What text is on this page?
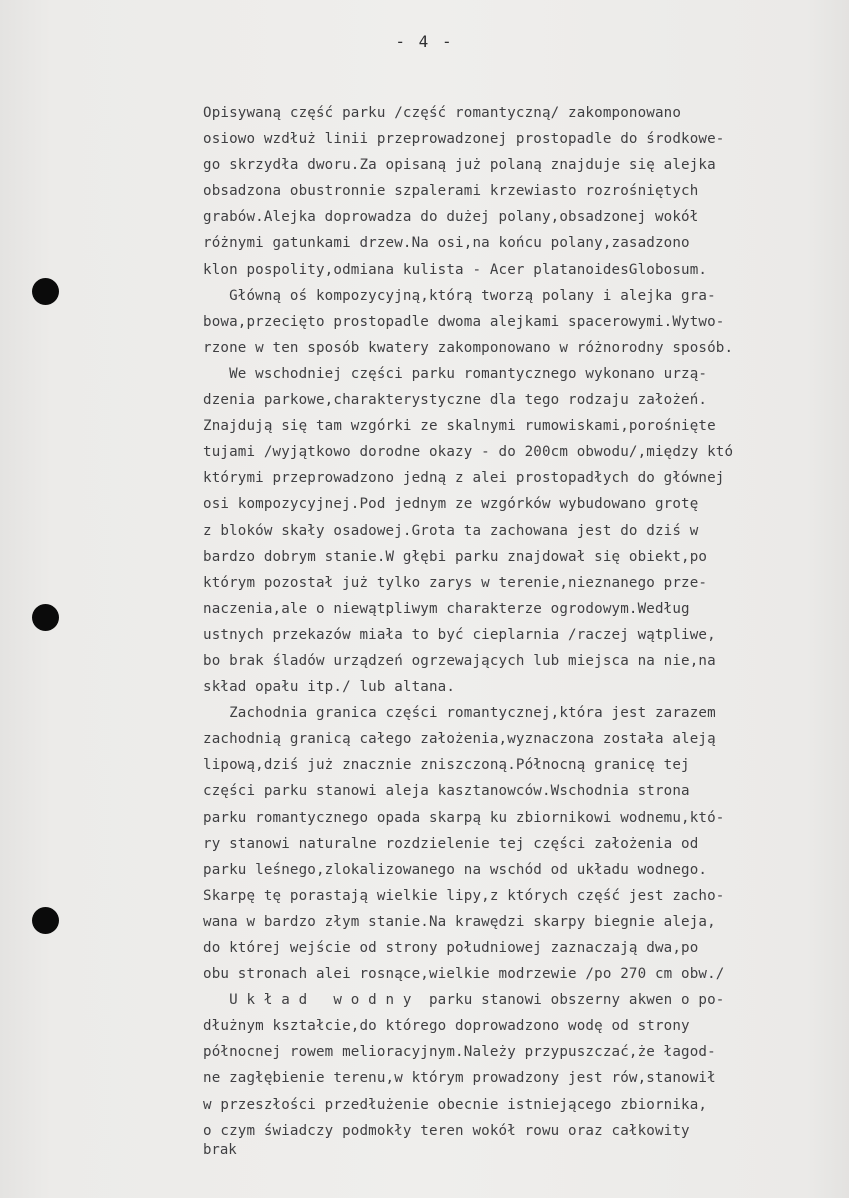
- 4 -
Opisywaną część parku /część romantyczną/ zakomponowano
osiowo wzdłuż linii przeprowadzonej prostopadle do środkowe-
go skrzydła dworu.Za opisaną już polaną znajduje się alejka
obsadzona obustronnie szpalerami krzewiasto rozrośniętych
grabów.Alejka doprowadza do dużej polany,obsadzonej wokół
różnymi gatunkami drzew.Na osi,na końcu polany,zasadzono
klon pospolity,odmiana kulista - Acer platanoidesGlobosum.
Główną oś kompozycyjną,którą tworzą polany i alejka gra-
bowa,przecięto prostopadle dwoma alejkami spacerowymi.Wytwo-
rzone w ten sposób kwatery zakomponowano w różnorodny sposób.
We wschodniej części parku romantycznego wykonano urzą-
dzenia parkowe,charakterystyczne dla tego rodzaju założeń.
Znajdują się tam wzgórki ze skalnymi rumowiskami,porośnięte
tujami /wyjątkowo dorodne okazy - do 200cm obwodu/,między któ
którymi przeprowadzono jedną z alei prostopadłych do głównej
osi kompozycyjnej.Pod jednym ze wzgórków wybudowano grotę
z bloków skały osadowej.Grota ta zachowana jest do dziś w
bardzo dobrym stanie.W głębi parku znajdował się obiekt,po
którym pozostał już tylko zarys w terenie,nieznanego prze-
naczenia,ale o niewątpliwym charakterze ogrodowym.Według
ustnych przekazów miała to być cieplarnia /raczej wątpliwe,
bo brak śladów urządzeń ogrzewających lub miejsca na nie,na
skład opału itp./ lub altana.
Zachodnia granica części romantycznej,która jest zarazem
zachodnią granicą całego założenia,wyznaczona została aleją
lipową,dziś już znacznie zniszczoną.Północną granicę tej
części parku stanowi aleja kasztanowców.Wschodnia strona
parku romantycznego opada skarpą ku zbiornikowi wodnemu,któ-
ry stanowi naturalne rozdzielenie tej części założenia od
parku leśnego,zlokalizowanego na wschód od układu wodnego.
Skarpę tę porastają wielkie lipy,z których część jest zacho-
wana w bardzo złym stanie.Na krawędzi skarpy biegnie aleja,
do której wejście od strony południowej zaznaczają dwa,po
obu stronach alei rosnące,wielkie modrzewie /po 270 cm obw./
U k ł a d   w o d n y  parku stanowi obszerny akwen o po-
dłużnym kształcie,do którego doprowadzono wodę od strony
północnej rowem melioracyjnym.Należy przypuszczać,że łagod-
ne zagłębienie terenu,w którym prowadzony jest rów,stanowił
w przeszłości przedłużenie obecnie istniejącego zbiornika,
o czym świadczy podmokły teren wokół rowu oraz całkowity
brak
